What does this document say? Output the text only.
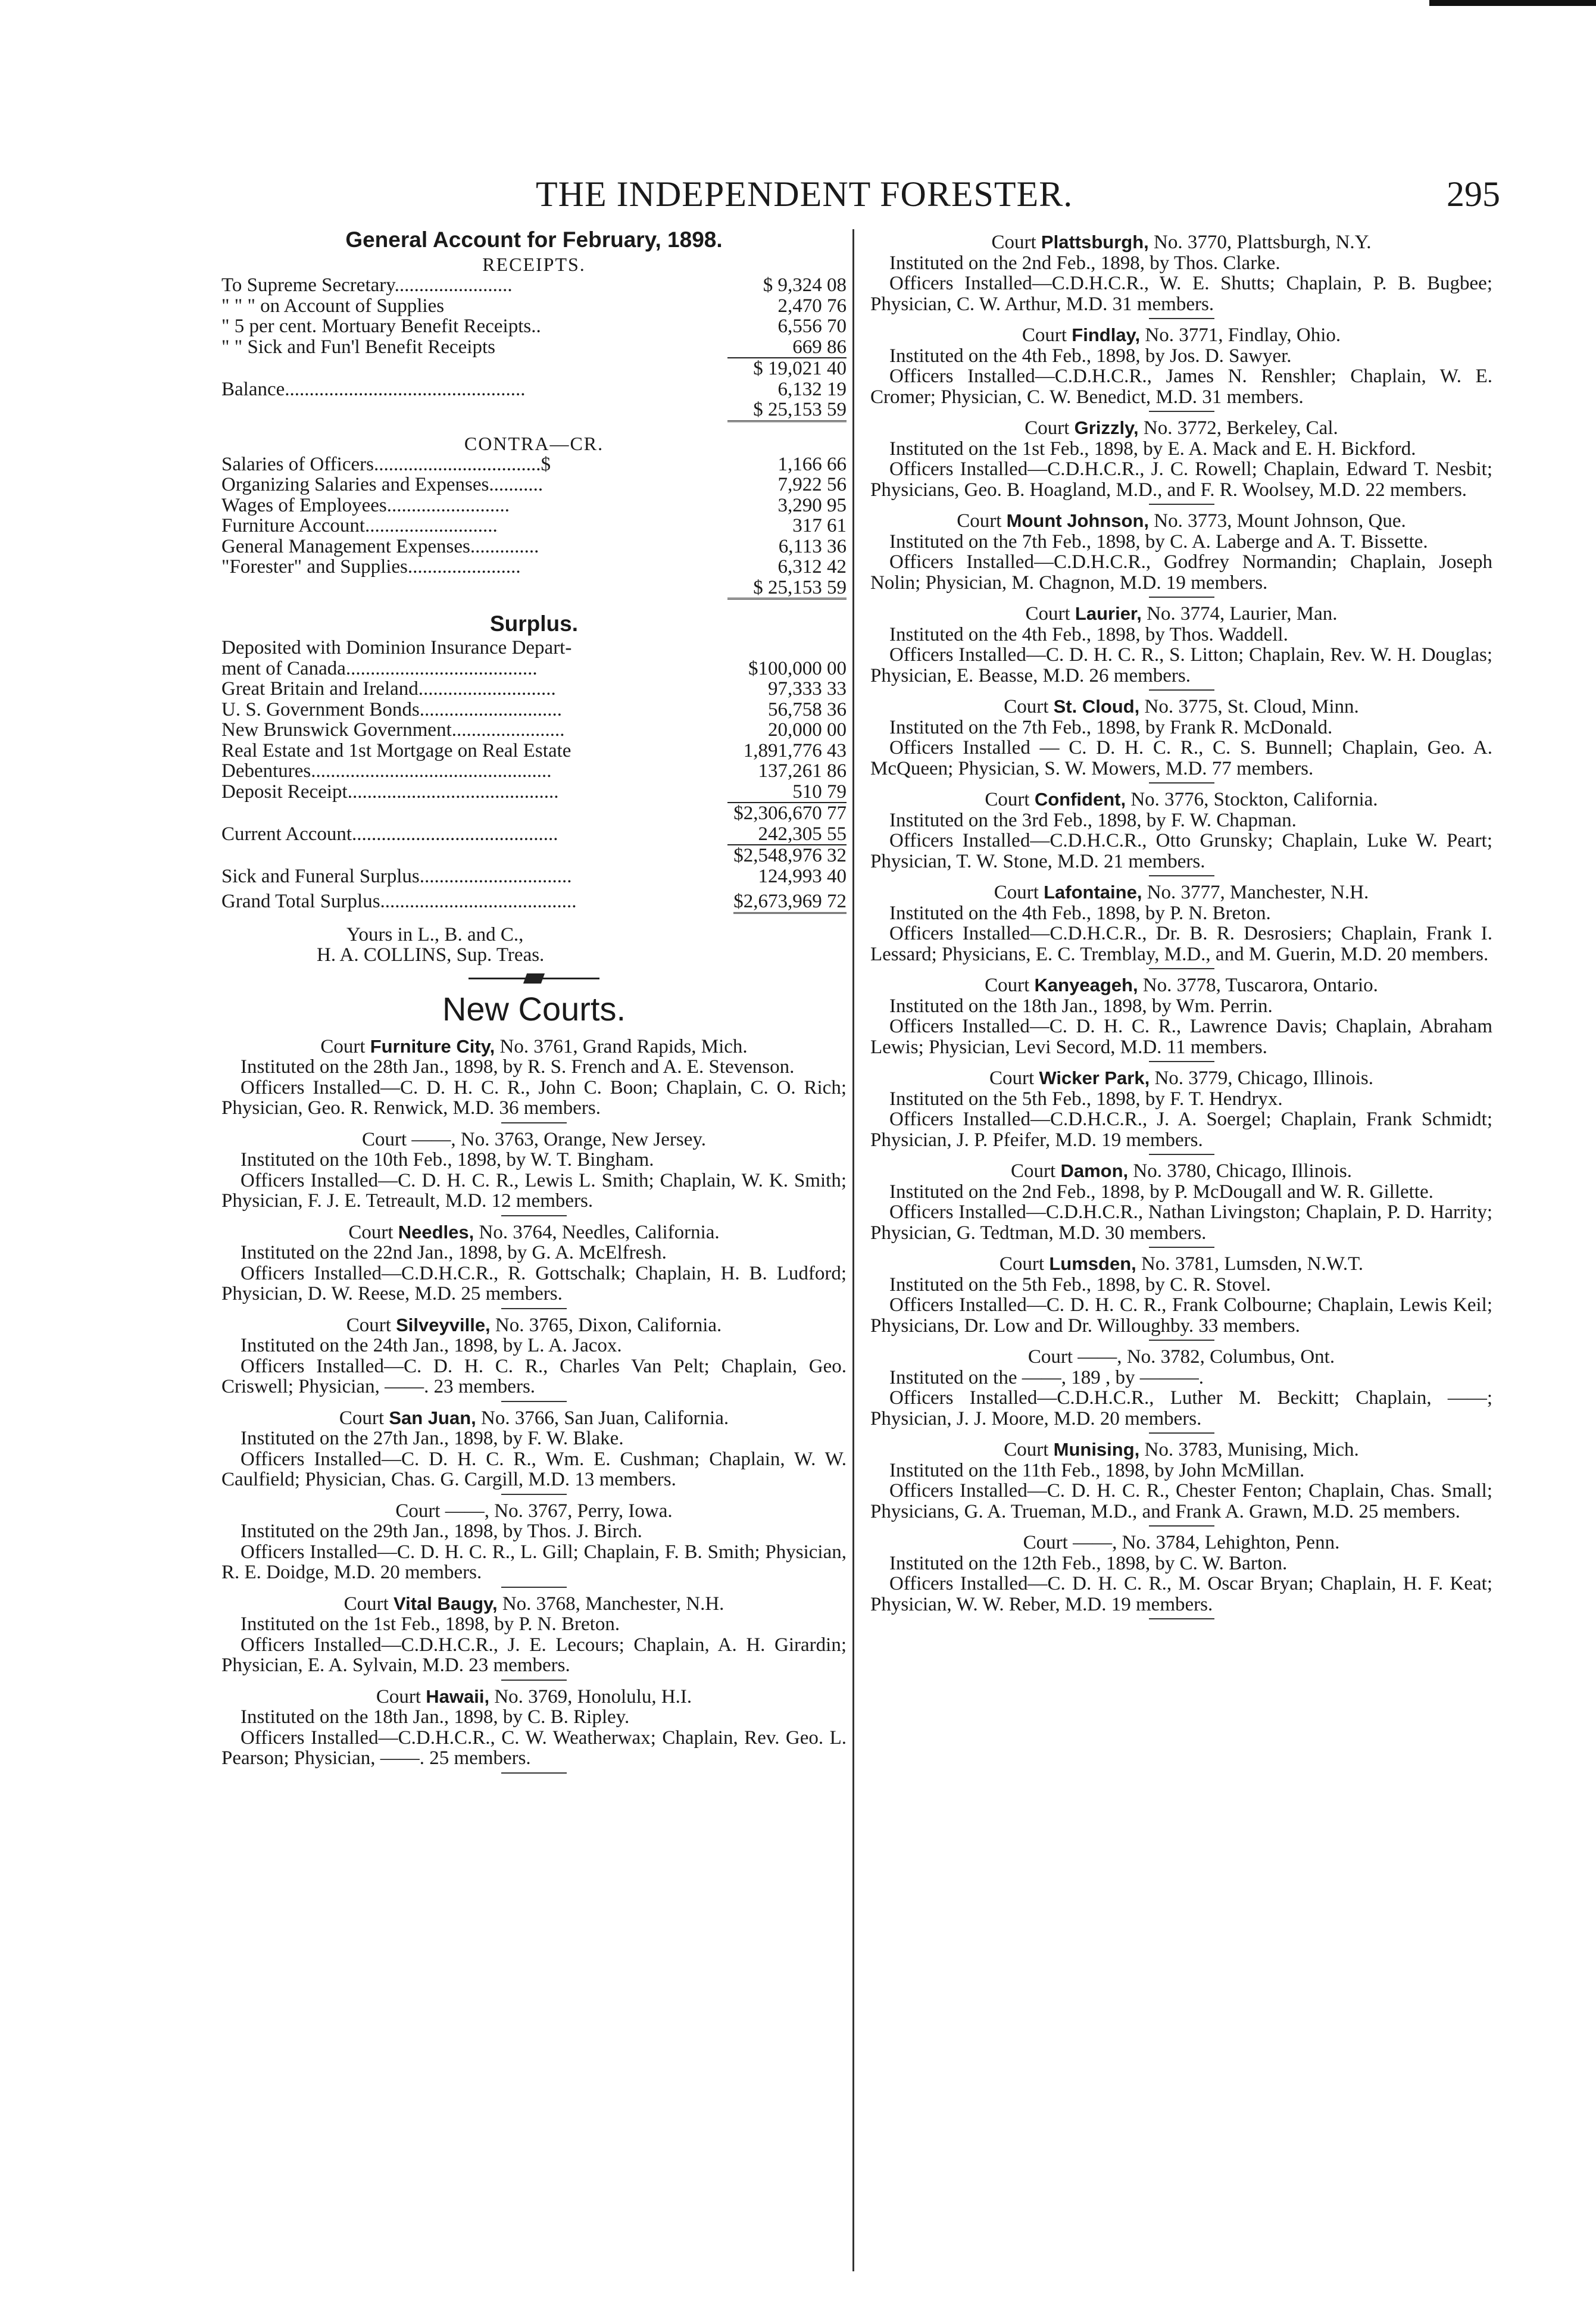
THE INDEPENDENT FORESTER.	295
General Account for February, 1898.
RECEIPTS.
To Supreme Secretary........................	$ 9,324 08
" " " on Account of Supplies	2,470 76
" 5 per cent. Mortuary Benefit Receipts..	6,556 70
" " Sick and Fun'l Benefit Receipts	669 86
$ 19,021 40
Balance.................................................	6,132 19
$ 25,153 59
CONTRA—CR.
Salaries of Officers..................................$	1,166 66
Organizing Salaries and Expenses...........	7,922 56
Wages of Employees.........................	3,290 95
Furniture Account...........................	317 61
General Management Expenses..............	6,113 36
"Forester" and Supplies.......................	6,312 42
$ 25,153 59
Surplus.
Deposited with Dominion Insurance Depart-
ment of Canada.......................................	$100,000 00
Great Britain and Ireland............................	97,333 33
U. S. Government Bonds.............................	56,758 36
New Brunswick Government.......................	20,000 00
Real Estate and 1st Mortgage on Real Estate	1,891,776 43
Debentures.................................................	137,261 86
Deposit Receipt...........................................	510 79
$2,306,670 77
Current Account..........................................	242,305 55
$2,548,976 32
Sick and Funeral Surplus...............................	124,993 40
Grand Total Surplus........................................	$2,673,969 72
Yours in L., B. and C.,
H. A. COLLINS, Sup. Treas.
New Courts.
Court Furniture City, No. 3761, Grand Rapids, Mich.
Instituted on the 28th Jan., 1898, by R. S. French and A. E. Stevenson.
Officers Installed—C. D. H. C. R., John C. Boon; Chaplain, C. O. Rich; Physician, Geo. R. Renwick, M.D. 36 members.
Court ——, No. 3763, Orange, New Jersey.
Instituted on the 10th Feb., 1898, by W. T. Bingham.
Officers Installed—C. D. H. C. R., Lewis L. Smith; Chaplain, W. K. Smith; Physician, F. J. E. Tetreault, M.D. 12 members.
Court Needles, No. 3764, Needles, California.
Instituted on the 22nd Jan., 1898, by G. A. McElfresh.
Officers Installed—C.D.H.C.R., R. Gottschalk; Chaplain, H. B. Ludford; Physician, D. W. Reese, M.D. 25 members.
Court Silveyville, No. 3765, Dixon, California.
Instituted on the 24th Jan., 1898, by L. A. Jacox.
Officers Installed—C. D. H. C. R., Charles Van Pelt; Chaplain, Geo. Criswell; Physician, ——. 23 members.
Court San Juan, No. 3766, San Juan, California.
Instituted on the 27th Jan., 1898, by F. W. Blake.
Officers Installed—C. D. H. C. R., Wm. E. Cushman; Chaplain, W. W. Caulfield; Physician, Chas. G. Cargill, M.D. 13 members.
Court ——, No. 3767, Perry, Iowa.
Instituted on the 29th Jan., 1898, by Thos. J. Birch.
Officers Installed—C. D. H. C. R., L. Gill; Chaplain, F. B. Smith; Physician, R. E. Doidge, M.D. 20 members.
Court Vital Baugy, No. 3768, Manchester, N.H.
Instituted on the 1st Feb., 1898, by P. N. Breton.
Officers Installed—C.D.H.C.R., J. E. Lecours; Chaplain, A. H. Girardin; Physician, E. A. Sylvain, M.D. 23 members.
Court Hawaii, No. 3769, Honolulu, H.I.
Instituted on the 18th Jan., 1898, by C. B. Ripley.
Officers Installed—C.D.H.C.R., C. W. Weatherwax; Chaplain, Rev. Geo. L. Pearson; Physician, ——. 25 members.
Court Plattsburgh, No. 3770, Plattsburgh, N.Y.
Instituted on the 2nd Feb., 1898, by Thos. Clarke.
Officers Installed—C.D.H.C.R., W. E. Shutts; Chaplain, P. B. Bugbee; Physician, C. W. Arthur, M.D. 31 members.
Court Findlay, No. 3771, Findlay, Ohio.
Instituted on the 4th Feb., 1898, by Jos. D. Sawyer.
Officers Installed—C.D.H.C.R., James N. Renshler; Chaplain, W. E. Cromer; Physician, C. W. Benedict, M.D. 31 members.
Court Grizzly, No. 3772, Berkeley, Cal.
Instituted on the 1st Feb., 1898, by E. A. Mack and E. H. Bickford.
Officers Installed—C.D.H.C.R., J. C. Rowell; Chaplain, Edward T. Nesbit; Physicians, Geo. B. Hoagland, M.D., and F. R. Woolsey, M.D. 22 members.
Court Mount Johnson, No. 3773, Mount Johnson, Que.
Instituted on the 7th Feb., 1898, by C. A. Laberge and A. T. Bissette.
Officers Installed—C.D.H.C.R., Godfrey Normandin; Chaplain, Joseph Nolin; Physician, M. Chagnon, M.D. 19 members.
Court Laurier, No. 3774, Laurier, Man.
Instituted on the 4th Feb., 1898, by Thos. Waddell.
Officers Installed—C. D. H. C. R., S. Litton; Chaplain, Rev. W. H. Douglas; Physician, E. Beasse, M.D. 26 members.
Court St. Cloud, No. 3775, St. Cloud, Minn.
Instituted on the 7th Feb., 1898, by Frank R. McDonald.
Officers Installed — C. D. H. C. R., C. S. Bunnell; Chaplain, Geo. A. McQueen; Physician, S. W. Mowers, M.D. 77 members.
Court Confident, No. 3776, Stockton, California.
Instituted on the 3rd Feb., 1898, by F. W. Chapman.
Officers Installed—C.D.H.C.R., Otto Grunsky; Chaplain, Luke W. Peart; Physician, T. W. Stone, M.D. 21 members.
Court Lafontaine, No. 3777, Manchester, N.H.
Instituted on the 4th Feb., 1898, by P. N. Breton.
Officers Installed—C.D.H.C.R., Dr. B. R. Desrosiers; Chaplain, Frank I. Lessard; Physicians, E. C. Tremblay, M.D., and M. Guerin, M.D. 20 members.
Court Kanyeageh, No. 3778, Tuscarora, Ontario.
Instituted on the 18th Jan., 1898, by Wm. Perrin.
Officers Installed—C. D. H. C. R., Lawrence Davis; Chaplain, Abraham Lewis; Physician, Levi Secord, M.D. 11 members.
Court Wicker Park, No. 3779, Chicago, Illinois.
Instituted on the 5th Feb., 1898, by F. T. Hendryx.
Officers Installed—C.D.H.C.R., J. A. Soergel; Chaplain, Frank Schmidt; Physician, J. P. Pfeifer, M.D. 19 members.
Court Damon, No. 3780, Chicago, Illinois.
Instituted on the 2nd Feb., 1898, by P. McDougall and W. R. Gillette.
Officers Installed—C.D.H.C.R., Nathan Livingston; Chaplain, P. D. Harrity; Physician, G. Tedtman, M.D. 30 members.
Court Lumsden, No. 3781, Lumsden, N.W.T.
Instituted on the 5th Feb., 1898, by C. R. Stovel.
Officers Installed—C. D. H. C. R., Frank Colbourne; Chaplain, Lewis Keil; Physicians, Dr. Low and Dr. Willoughby. 33 members.
Court ——, No. 3782, Columbus, Ont.
Instituted on the ——, 189 , by ———.
Officers Installed—C.D.H.C.R., Luther M. Beckitt; Chaplain, ——; Physician, J. J. Moore, M.D. 20 members.
Court Munising, No. 3783, Munising, Mich.
Instituted on the 11th Feb., 1898, by John McMillan.
Officers Installed—C. D. H. C. R., Chester Fenton; Chaplain, Chas. Small; Physicians, G. A. Trueman, M.D., and Frank A. Grawn, M.D. 25 members.
Court ——, No. 3784, Lehighton, Penn.
Instituted on the 12th Feb., 1898, by C. W. Barton.
Officers Installed—C. D. H. C. R., M. Oscar Bryan; Chaplain, H. F. Keat; Physician, W. W. Reber, M.D. 19 members.
